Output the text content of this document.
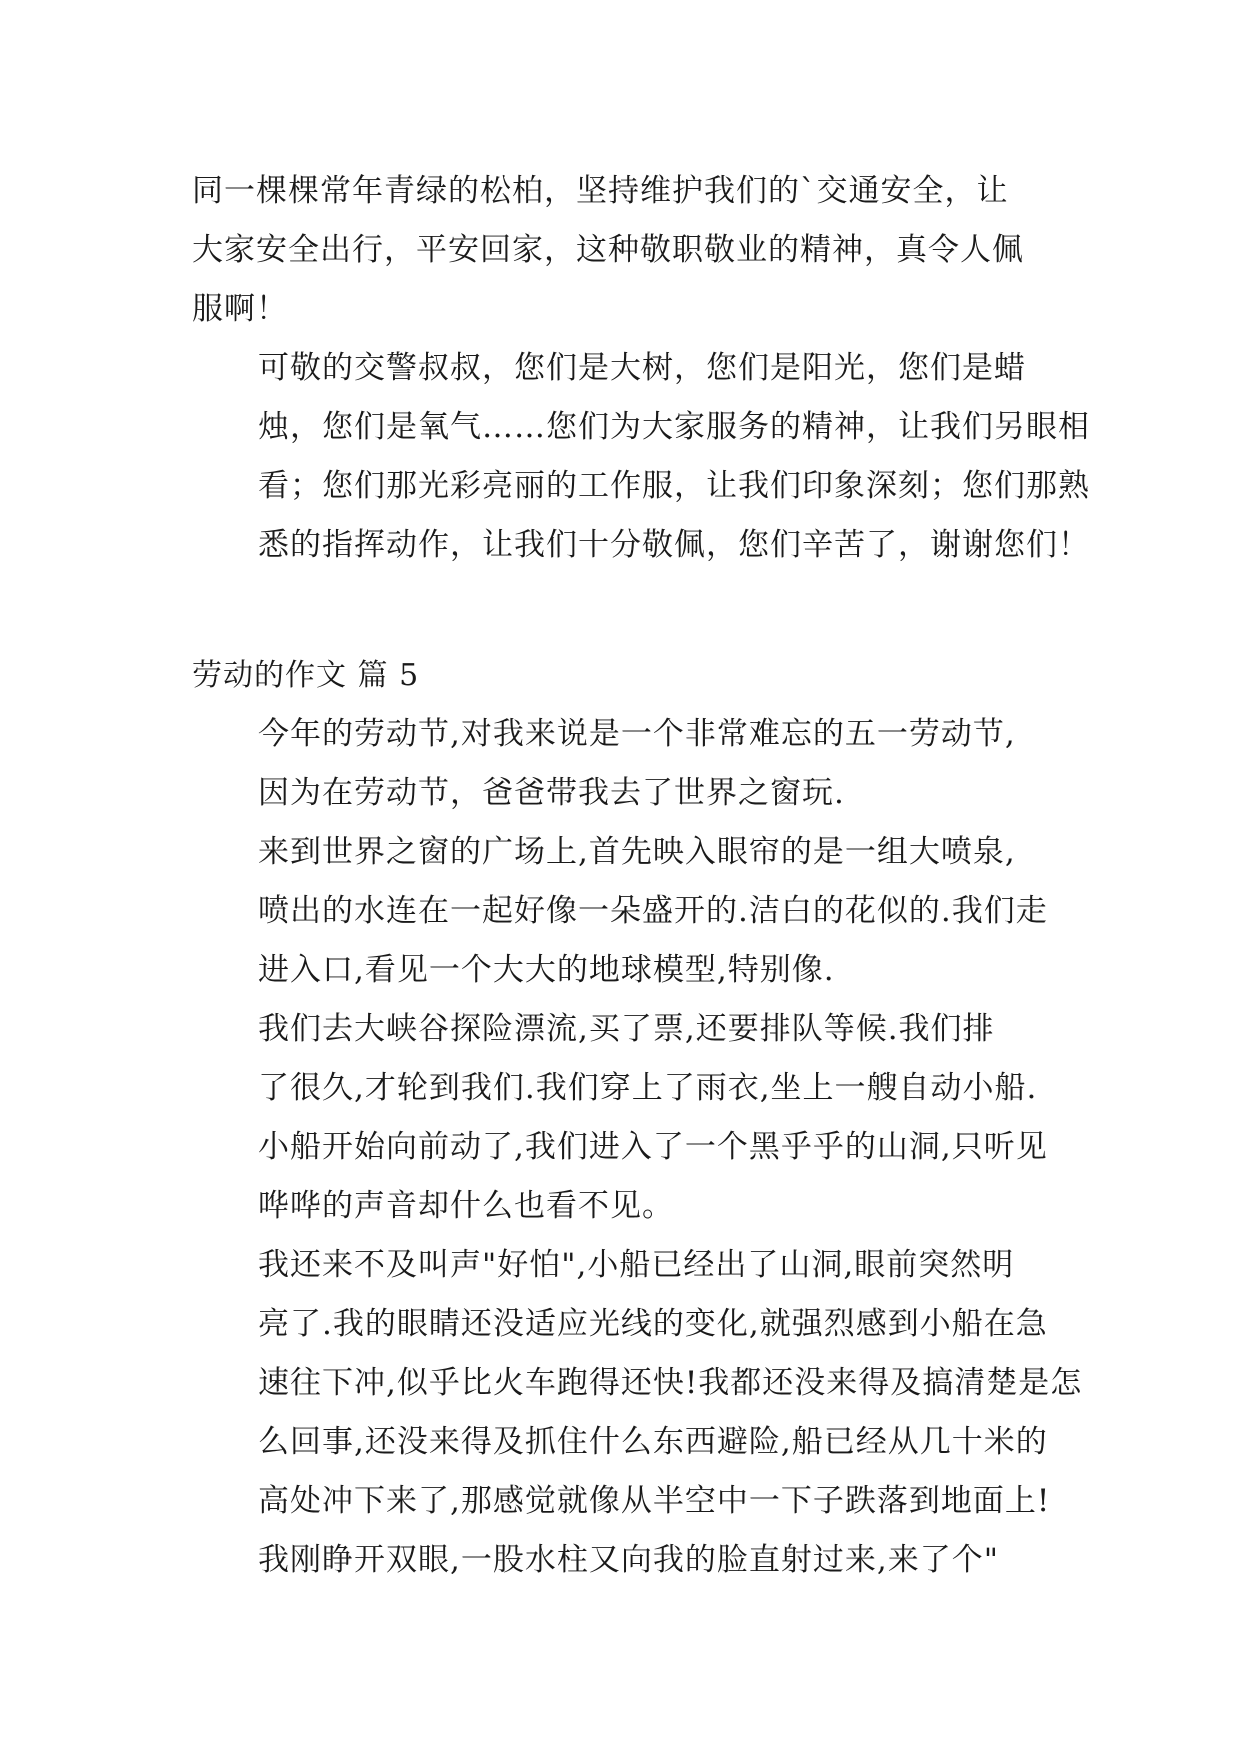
同一棵棵常年青绿的松柏，坚持维护我们的`交通安全，让
大家安全出行，平安回家，这种敬职敬业的精神，真令人佩
服啊！

可敬的交警叔叔，您们是大树，您们是阳光，您们是蜡
烛，您们是氧气……您们为大家服务的精神，让我们另眼相
看；您们那光彩亮丽的工作服，让我们印象深刻；您们那熟
悉的指挥动作，让我们十分敬佩，您们辛苦了，谢谢您们！

劳动的作文 篇 5

今年的劳动节,对我来说是一个非常难忘的五一劳动节,
因为在劳动节，爸爸带我去了世界之窗玩.

来到世界之窗的广场上,首先映入眼帘的是一组大喷泉,
喷出的水连在一起好像一朵盛开的.洁白的花似的.我们走
进入口,看见一个大大的地球模型,特别像.

我们去大峡谷探险漂流,买了票,还要排队等候.我们排
了很久,才轮到我们.我们穿上了雨衣,坐上一艘自动小船.
小船开始向前动了,我们进入了一个黑乎乎的山洞,只听见
哗哗的声音却什么也看不见。

我还来不及叫声"好怕",小船已经出了山洞,眼前突然明
亮了.我的眼睛还没适应光线的变化,就强烈感到小船在急
速往下冲,似乎比火车跑得还快!我都还没来得及搞清楚是怎
么回事,还没来得及抓住什么东西避险,船已经从几十米的
高处冲下来了,那感觉就像从半空中一下子跌落到地面上!

我刚睁开双眼,一股水柱又向我的脸直射过来,来了个"
